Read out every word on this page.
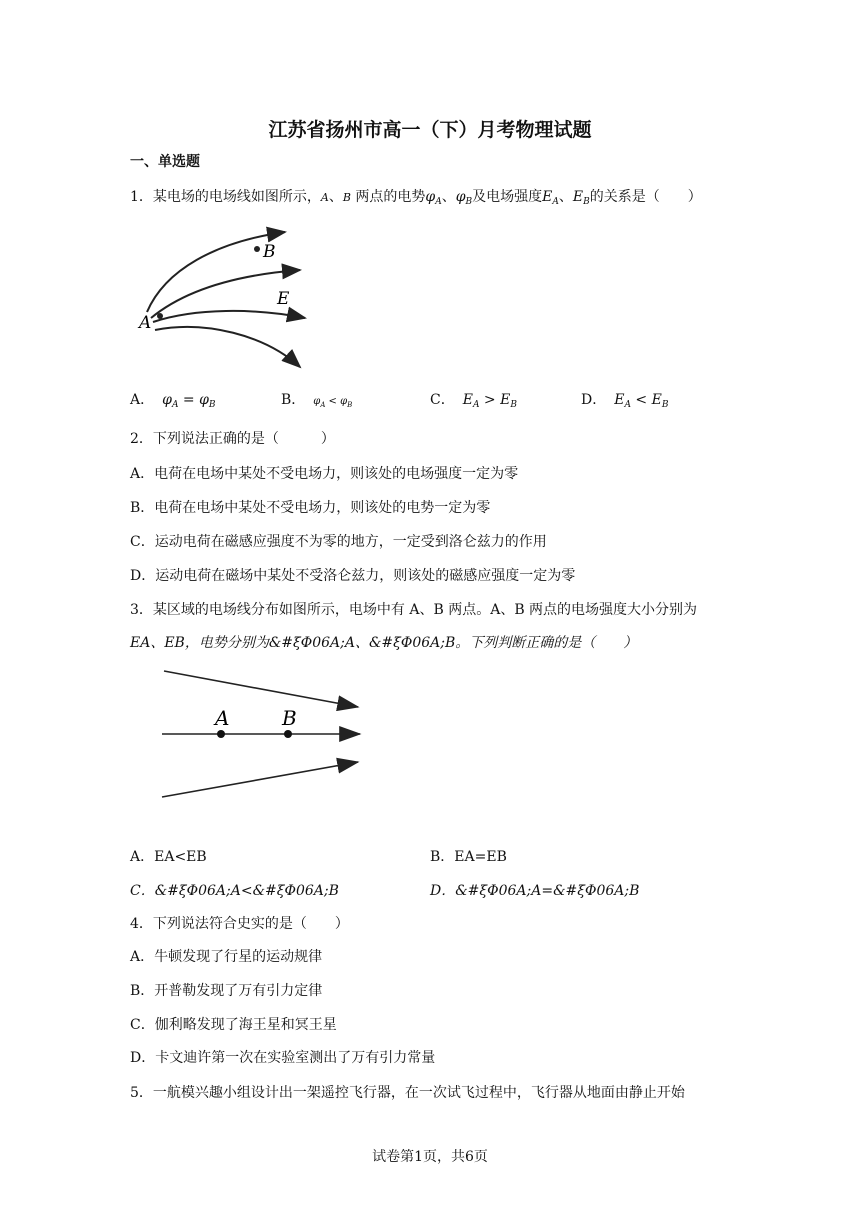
江苏省扬州市高一（下）月考物理试题
一、单选题
1．某电场的电场线如图所示，A、B 两点的电势$\varphi_A$、$\varphi_B$及电场强度$E_A$、$E_B$的关系是（　　）
B
E
A
A． $\varphi_A = \varphi_B$	B． $\varphi_A < \varphi_B$	C． $E_A > E_B$	D． $E_A < E_B$
2．下列说法正确的是（　　　）
A．电荷在电场中某处不受电场力，则该处的电场强度一定为零
B．电荷在电场中某处不受电场力，则该处的电势一定为零
C．运动电荷在磁感应强度不为零的地方，一定受到洛仑兹力的作用
D．运动电荷在磁场中某处不受洛仑兹力，则该处的磁感应强度一定为零
3．某区域的电场线分布如图所示，电场中有 A、B 两点。A、B 两点的电场强度大小分别为
EA、EB，电势分别为&#ξΦ06A;A、&#ξΦ06A;B。下列判断正确的是（　　）
A	B
A．EA<EB	B．EA=EB
C．&#ξΦ06A;A<&#ξΦ06A;B	D．&#ξΦ06A;A=&#ξΦ06A;B
4．下列说法符合史实的是（　　）
A．牛顿发现了行星的运动规律
B．开普勒发现了万有引力定律
C．伽利略发现了海王星和冥王星
D．卡文迪许第一次在实验室测出了万有引力常量
5．一航模兴趣小组设计出一架遥控飞行器，在一次试飞过程中，飞行器从地面由静止开始
试卷第1页，共6页
